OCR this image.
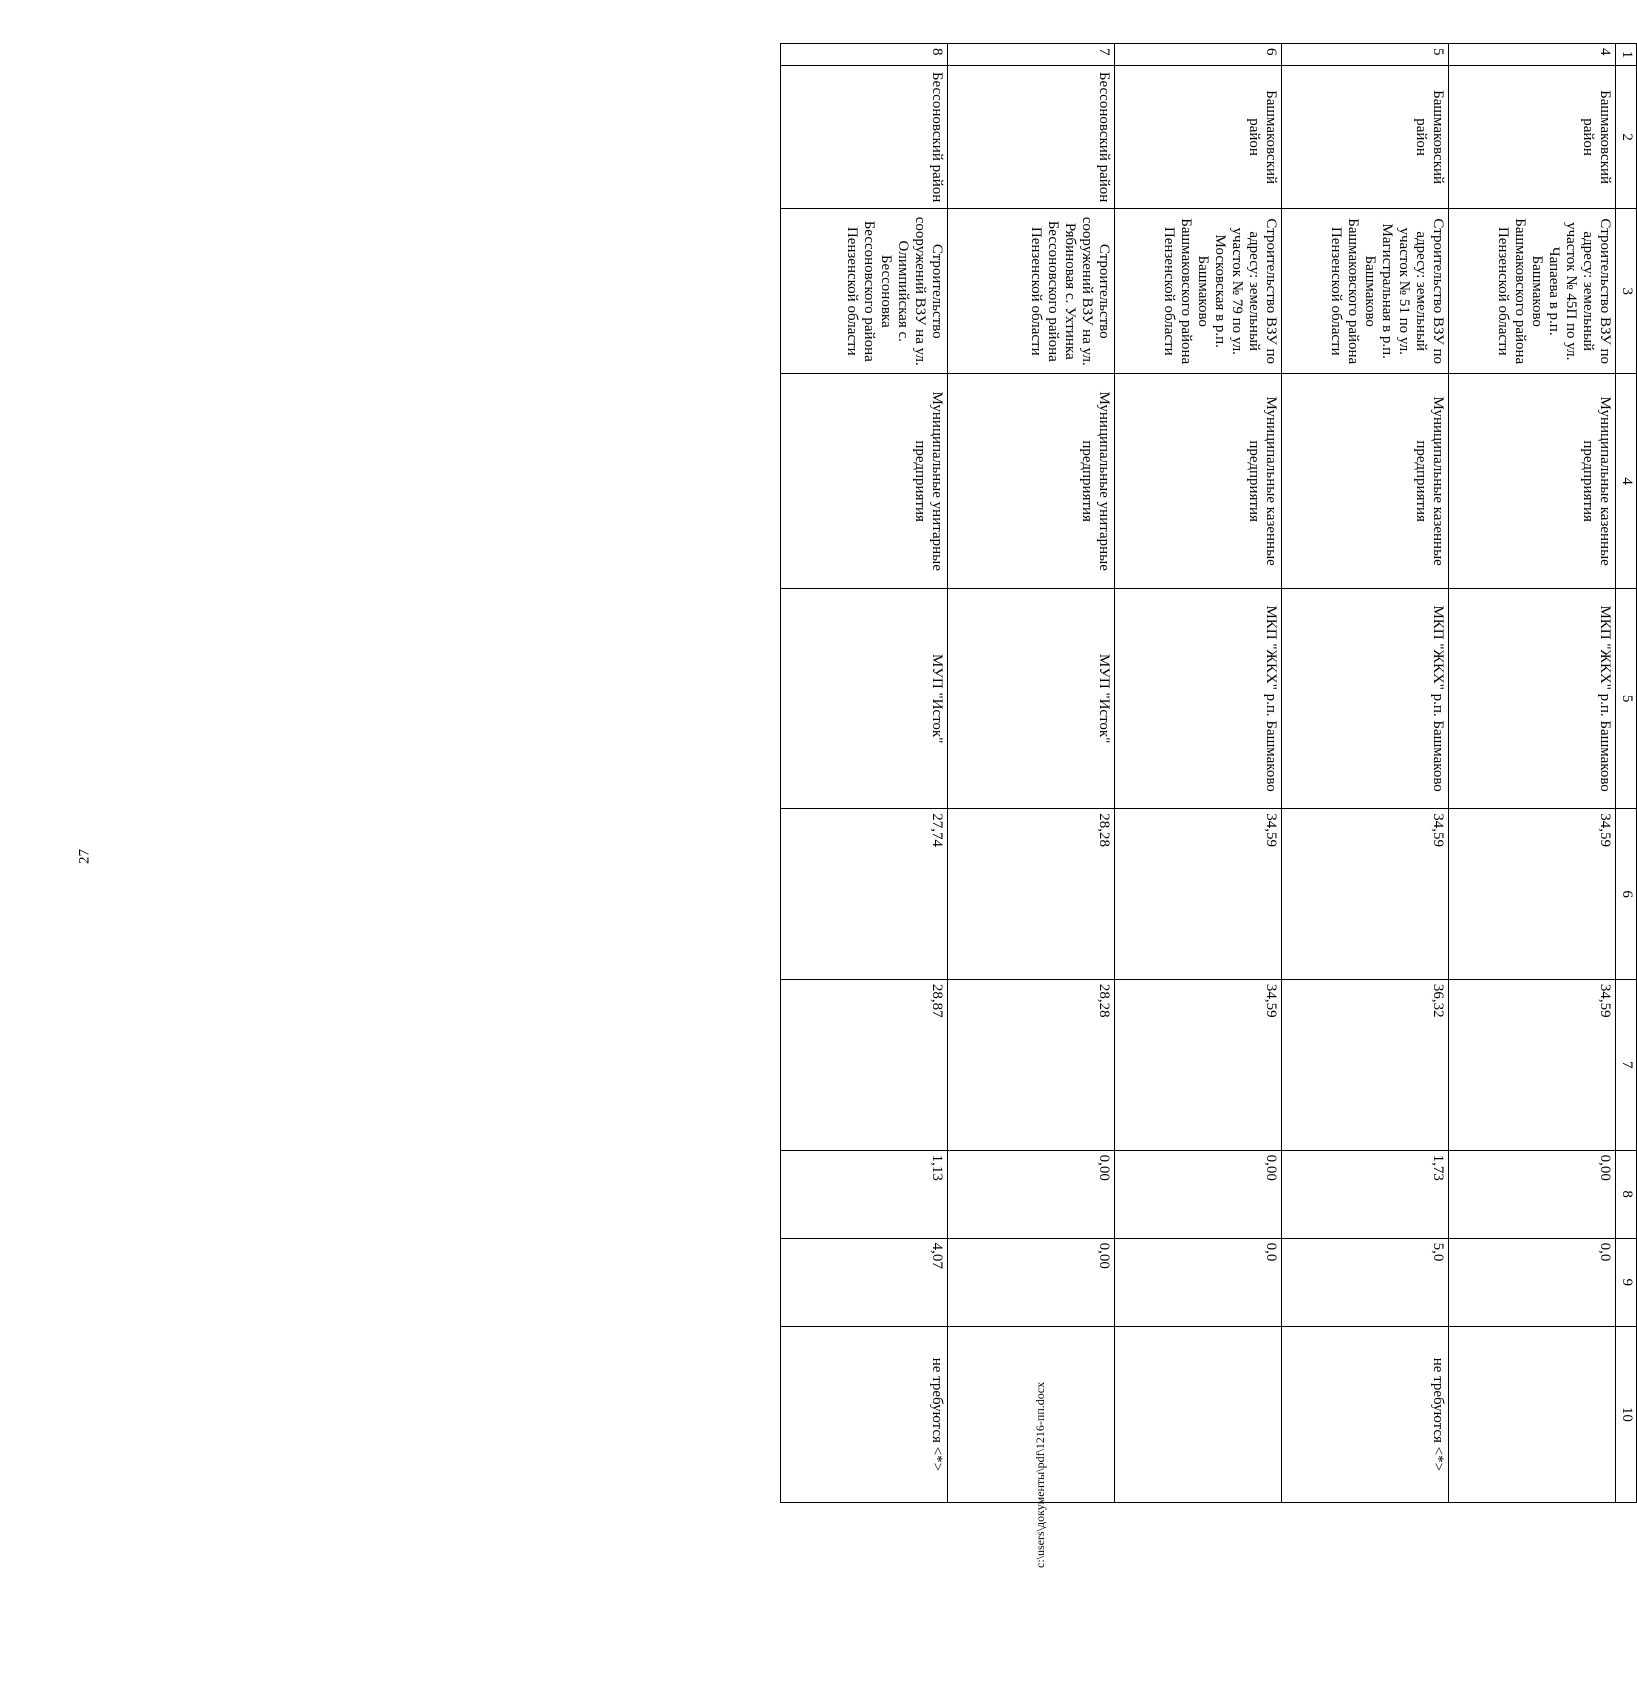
27
1	2	3	4	5	6	7	8	9	10
4	Башмаковский район	Строительство ВЗУ по адресу: земельный участок № 45П по ул. Чапаева в р.п. Башмаково Башмаковского района Пензенской области	Муниципальные казенные предприятия	МКП "ЖКХ" р.п. Башмаково	34,59	34,59	0,00	0,0	
5	Башмаковский район	Строительство ВЗУ по адресу: земельный участок № 51 по ул. Магистральная в р.п. Башмаково Башмаковского района Пензенской области	Муниципальные казенные предприятия	МКП "ЖКХ" р.п. Башмаково	34,59	36,32	1,73	5,0	не требуются <*>
6	Башмаковский район	Строительство ВЗУ по адресу: земельный участок № 79 по ул. Московская в р.п. Башмаково Башмаковского района Пензенской области	Муниципальные казенные предприятия	МКП "ЖКХ" р.п. Башмаково	34,59	34,59	0,00	0,0	
7	Бессоновский район	Строительство сооружений ВЗУ на ул. Рябиновая с. Ухтинка Бессоновского района Пензенской области	Муниципальные унитарные предприятия	МУП "Исток"	28,28	28,28	0,00	0,00	
8	Бессоновский район	Строительство сооружений ВЗУ на ул. Олимпийская с. Бессоновка Бессоновского района Пензенской области	Муниципальные унитарные предприятия	МУП "Исток"	27,74	28,87	1,13	4,07	не требуются <*>	c:\users\документы\pdf\1216-пп.docx
